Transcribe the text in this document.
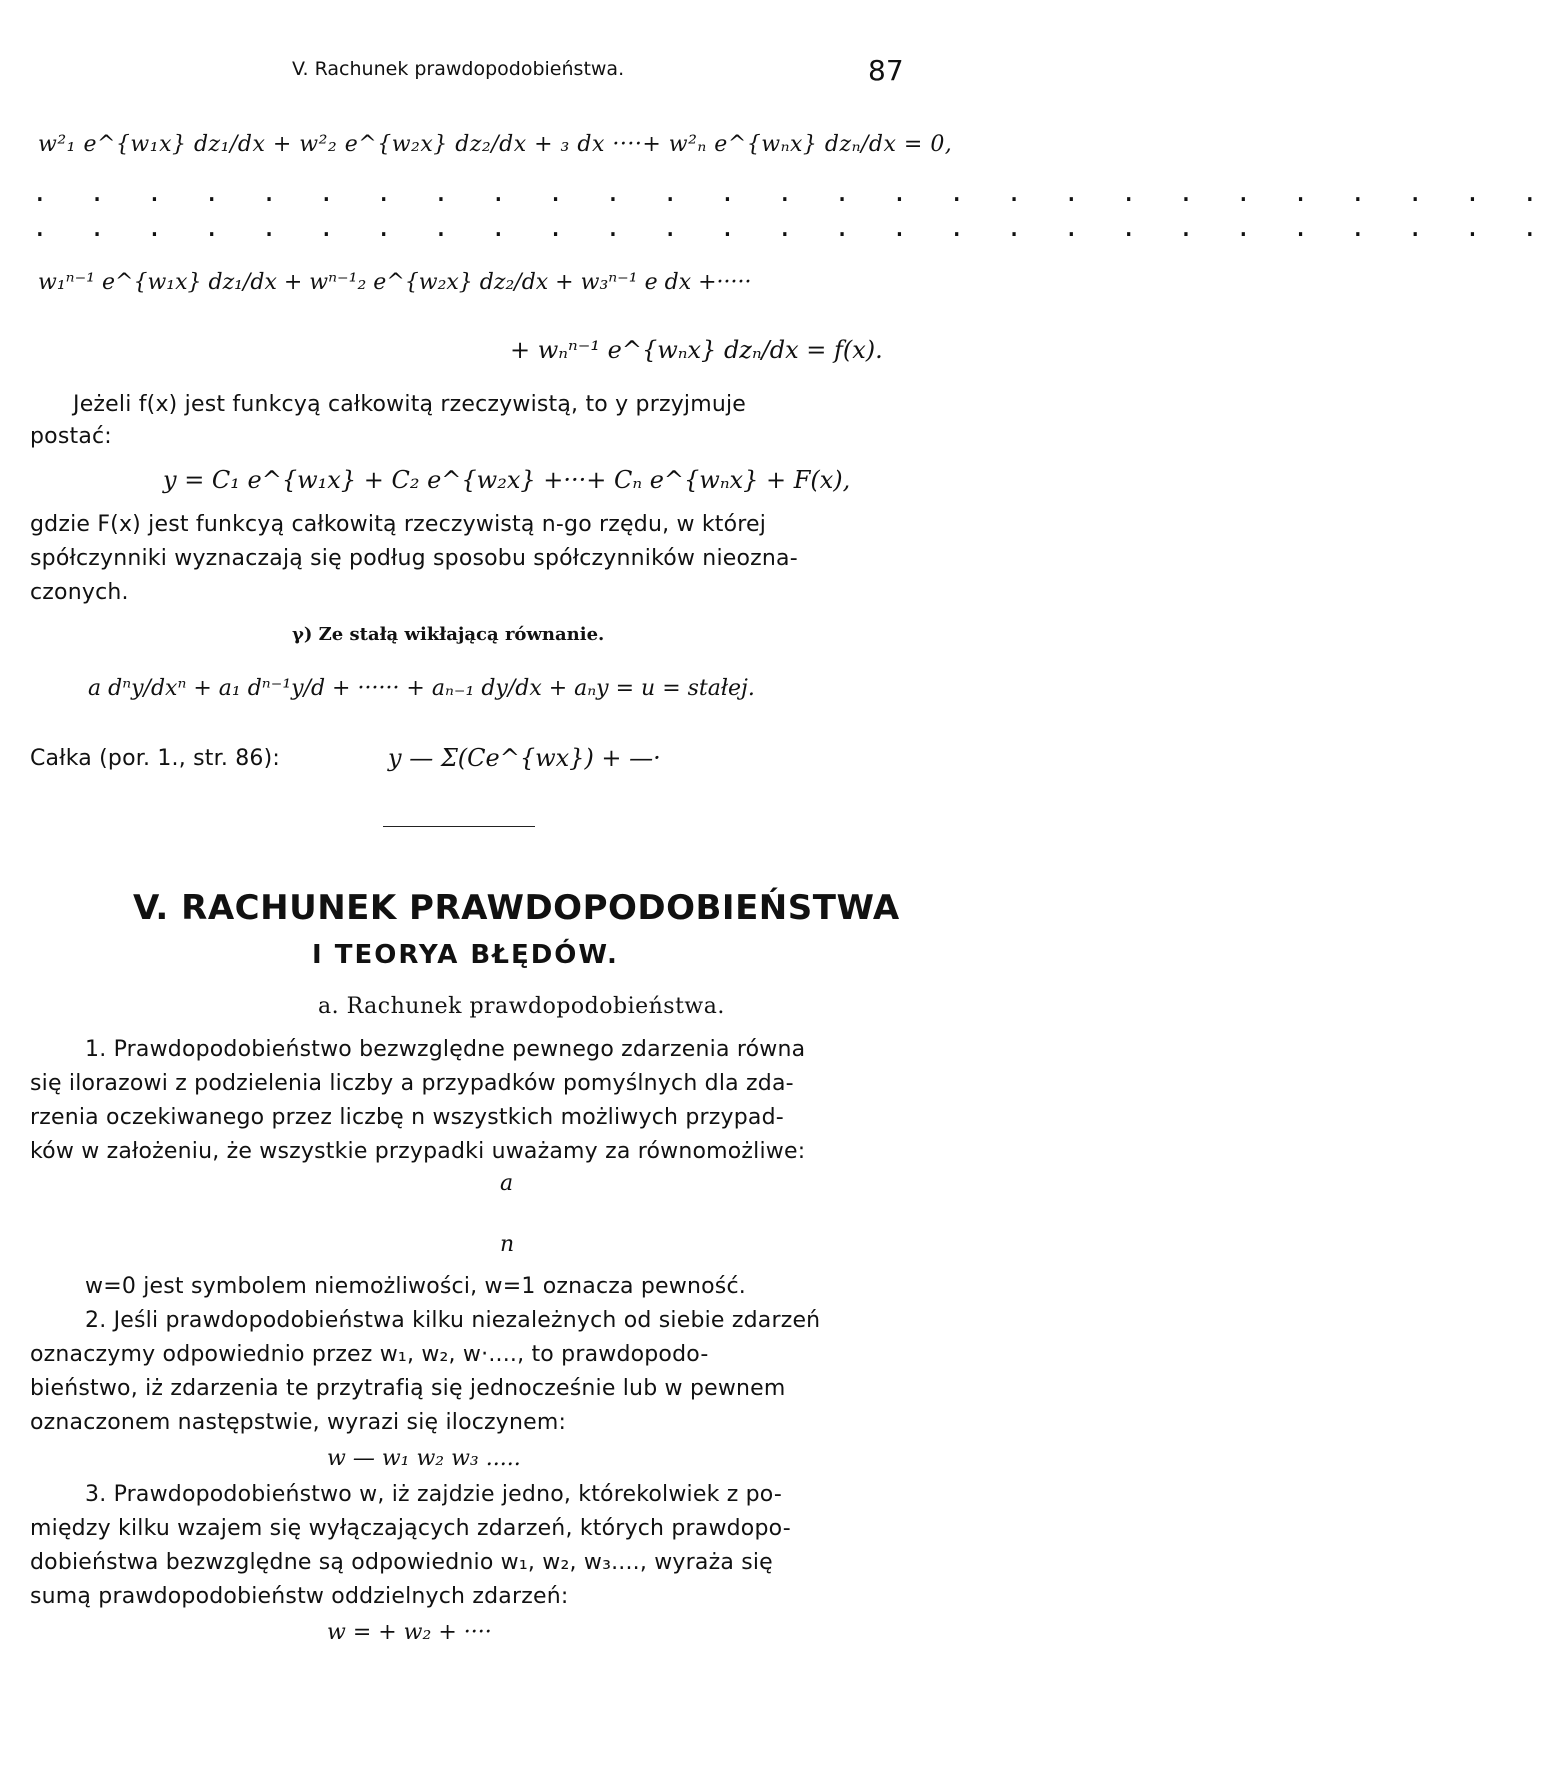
V. Rachunek prawdopodobieństwa.	87
w²₁ e^{w₁x} dz₁/dx + w²₂ e^{w₂x} dz₂/dx + ₃ dx ····+ w²ₙ e^{wₙx} dzₙ/dx = 0,
. . . . . . . . . . . . . . . . . . . . . . . . . . .
. . . . . . . . . . . . . . . . . . . . . . . . . . .
w₁ⁿ⁻¹ e^{w₁x} dz₁/dx + wⁿ⁻¹₂ e^{w₂x} dz₂/dx + w₃ⁿ⁻¹ e dx +·····
+ wₙⁿ⁻¹ e^{wₙx} dzₙ/dx = f(x).
Jeżeli f(x) jest funkcyą całkowitą rzeczywistą, to y przyjmuje
postać:
y = C₁ e^{w₁x} + C₂ e^{w₂x} +···+ Cₙ e^{wₙx} + F(x),
gdzie F(x) jest funkcyą całkowitą rzeczywistą n-go rzędu, w której
spółczynniki wyznaczają się podług sposobu spółczynników nieozna-
czonych.
γ) Ze stałą wikłającą równanie.
a dⁿy/dxⁿ + a₁ dⁿ⁻¹y/d + ······ + aₙ₋₁ dy/dx + aₙy = u = stałej.
Całka (por. 1., str. 86):	y — Σ(Ce^{wx}) + —·
V. RACHUNEK PRAWDOPODOBIEŃSTWA
I TEORYA BŁĘDÓW.
a. Rachunek prawdopodobieństwa.
1. Prawdopodobieństwo bezwzględne pewnego zdarzenia równa
się ilorazowi z podzielenia liczby a przypadków pomyślnych dla zda-
rzenia oczekiwanego przez liczbę n wszystkich możliwych przypad-
ków w założeniu, że wszystkie przypadki uważamy za równomożliwe:
a
n
w=0 jest symbolem niemożliwości, w=1 oznacza pewność.
2. Jeśli prawdopodobieństwa kilku niezależnych od siebie zdarzeń
oznaczymy odpowiednio przez w₁, w₂, w·...., to prawdopodo-
bieństwo, iż zdarzenia te przytrafią się jednocześnie lub w pewnem
oznaczonem następstwie, wyrazi się iloczynem:
w — w₁ w₂ w₃ .....
3. Prawdopodobieństwo w, iż zajdzie jedno, którekolwiek z po-
między kilku wzajem się wyłączających zdarzeń, których prawdopo-
dobieństwa bezwzględne są odpowiednio w₁, w₂, w₃...., wyraża się
sumą prawdopodobieństw oddzielnych zdarzeń:
w = + w₂ + ····
